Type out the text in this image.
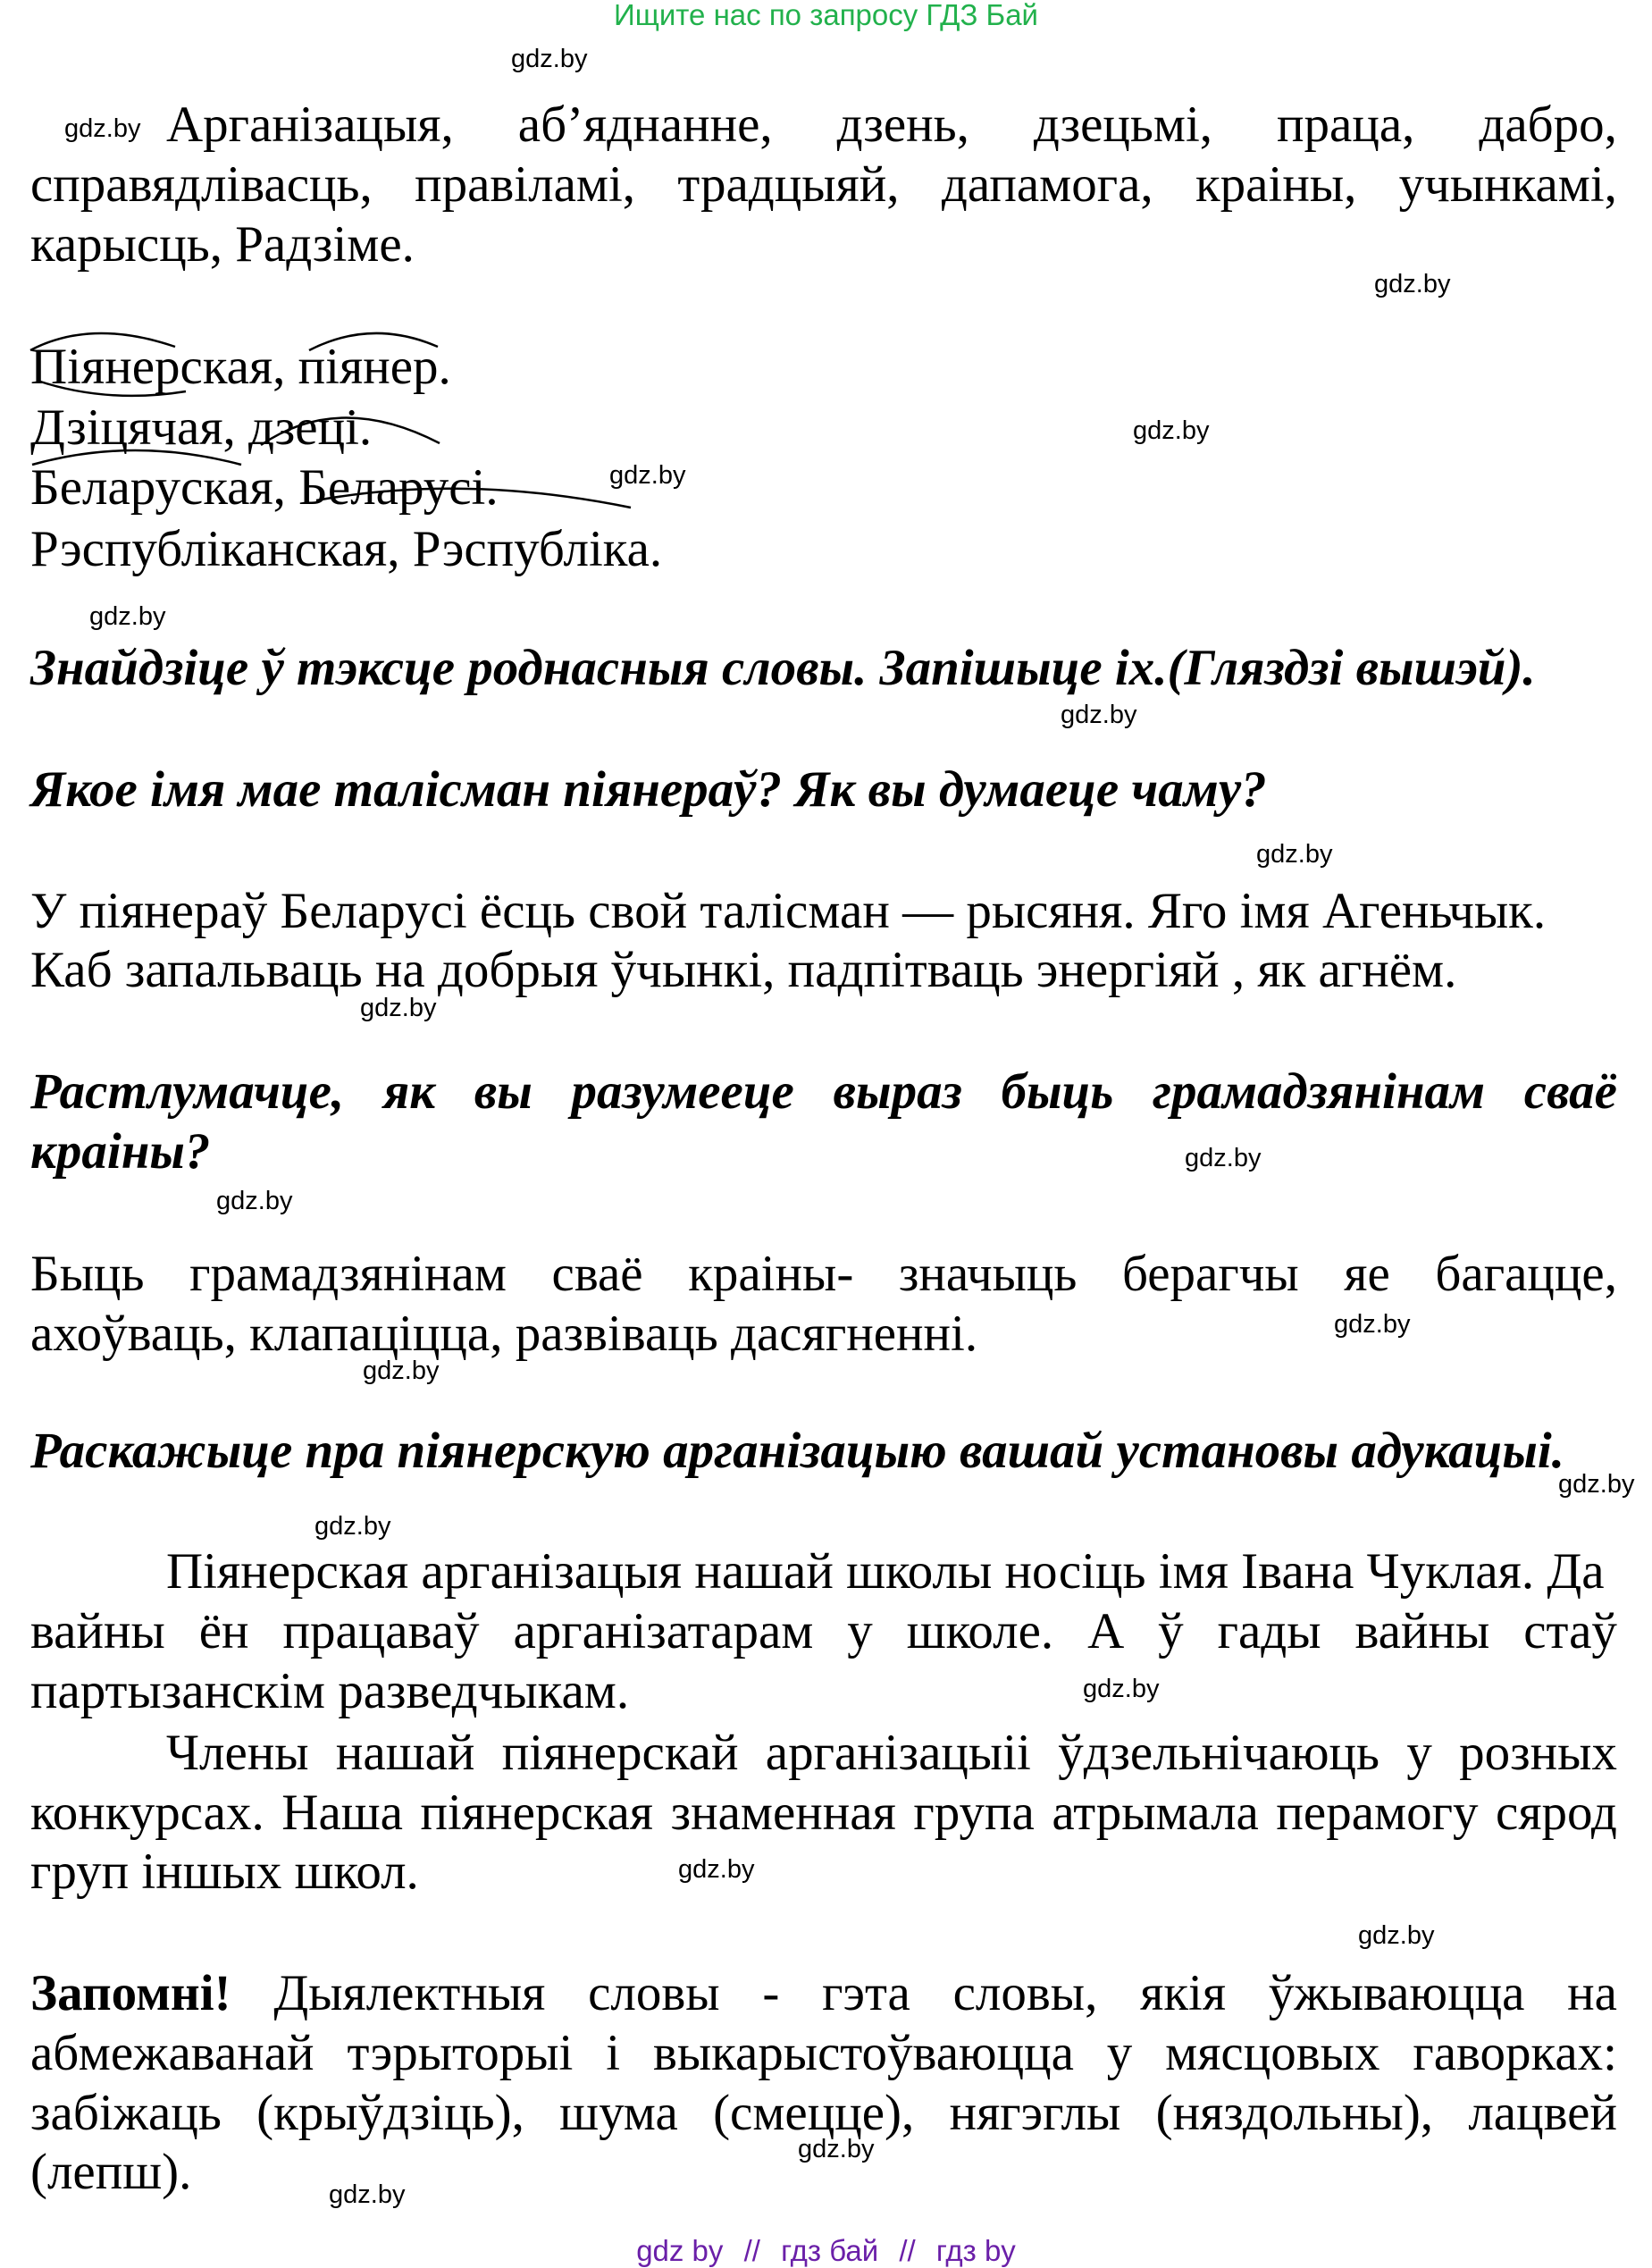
Ищите нас по запросу ГДЗ Бай
gdz.by
gdz.by
gdz.by
gdz.by
gdz.by
gdz.by
gdz.by
gdz.by
gdz.by
gdz.by
gdz.by
gdz.by
gdz.by
gdz.by
gdz.by
gdz.by
gdz.by
gdz.by
gdz.by
gdz.by
Арганізацыя, аб’яднанне, дзень, дзецьмі, праца, дабро,
справядлівасць, правіламі, традцыяй, дапамога, краіны, учынкамі,
карысць, Радзіме.
Піянерская, піянер.
Дзіцячая, дзеці.
Беларуская, Беларусі.
Рэспубліканская, Рэспубліка.
Знайдзіце ў тэксце роднасныя словы. Запішыце іх.(Гляздзі вышэй).
Якое імя мае талісман піянераў? Як вы думаеце чаму?
У піянераў Беларусі ёсць свой талісман — рысяня. Яго імя Агеньчык.
Каб запальваць на добрыя ўчынкі, падпітваць энергіяй , як агнём.
Растлумачце, як вы разумееце выраз быць грамадзянінам сваё
краіны?
Быць грамадзянінам сваё краіны- значыць берагчы яе багацце,
ахоўваць, клапаціцца, развіваць дасягненні.
Раскажыце пра піянерскую арганізацыю вашай установы адукацыі.
Піянерская арганізацыя нашай школы носіць імя Івана Чуклая. Да
вайны ён працаваў арганізатарам у школе. А ў гады вайны стаў
партызанскім разведчыкам.
Члены нашай піянерскай арганізацыіі ўдзельнічаюць у розных
конкурсах. Наша піянерская знаменная група атрымала перамогу сярод
груп іншых школ.
Запомні! Дыялектныя словы - гэта словы, якія ўжываюцца на
абмежаванай тэрыторыі і выкарыстоўваюцца у мясцовых гаворках:
забіжаць (крыўдзіць), шума (смецце), нягэглы (няздольны), лацвей
(лепш).
gdz by // гдз бай // гдз by
